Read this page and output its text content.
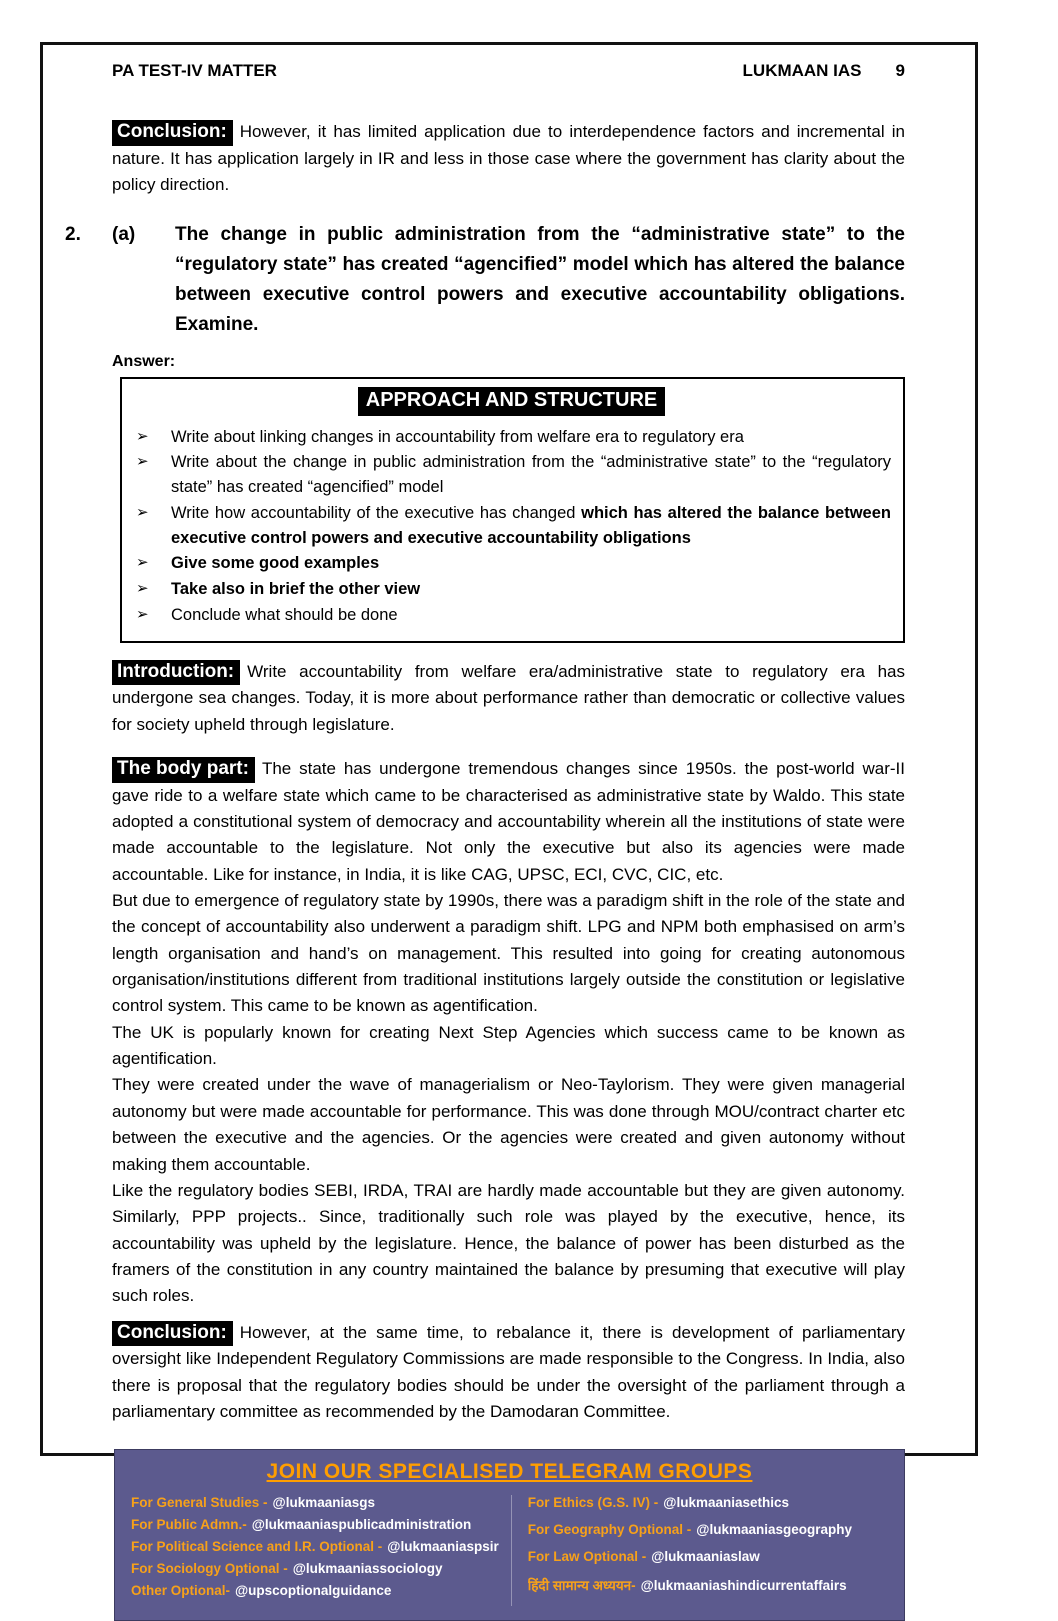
PA TEST-IV MATTER	LUKMAAN IAS 9

Conclusion: However, it has limited application due to interdependence factors and incremental in nature. It has application largely in IR and less in those case where the government has clarity about the policy direction.

2.	(a)	The change in public administration from the “administrative state” to the “regulatory state” has created “agencified” model which has altered the balance between executive control powers and executive accountability obligations. Examine.
Answer:
APPROACH AND STRUCTURE
➢	Write about linking changes in accountability from welfare era to regulatory era
➢	Write about the change in public administration from the “administrative state” to the “regulatory state” has created “agencified” model
➢	Write how accountability of the executive has changed which has altered the balance between executive control powers and executive accountability obligations
➢	Give some good examples
➢	Take also in brief the other view
➢	Conclude what should be done

Introduction: Write accountability from welfare era/administrative state to regulatory era has undergone sea changes. Today, it is more about performance rather than democratic or collective values for society upheld through legislature.

The body part: The state has undergone tremendous changes since 1950s. the post-world war-II gave ride to a welfare state which came to be characterised as administrative state by Waldo. This state adopted a constitutional system of democracy and accountability wherein all the institutions of state were made accountable to the legislature. Not only the executive but also its agencies were made accountable. Like for instance, in India, it is like CAG, UPSC, ECI, CVC, CIC, etc.

But due to emergence of regulatory state by 1990s, there was a paradigm shift in the role of the state and the concept of accountability also underwent a paradigm shift. LPG and NPM both emphasised on arm’s length organisation and hand’s on management. This resulted into going for creating autonomous organisation/institutions different from traditional institutions largely outside the constitution or legislative control system. This came to be known as agentification.
The UK is popularly known for creating Next Step Agencies which success came to be known as agentification.
They were created under the wave of managerialism or Neo-Taylorism. They were given managerial autonomy but were made accountable for performance. This was done through MOU/contract charter etc between the executive and the agencies. Or the agencies were created and given autonomy without making them accountable.
Like the regulatory bodies SEBI, IRDA, TRAI are hardly made accountable but they are given autonomy. Similarly, PPP projects.. Since, traditionally such role was played by the executive, hence, its accountability was upheld by the legislature. Hence, the balance of power has been disturbed as the framers of the constitution in any country maintained the balance by presuming that executive will play such roles.

Conclusion: However, at the same time, to rebalance it, there is development of parliamentary oversight like Independent Regulatory Commissions are made responsible to the Congress. In India, also there is proposal that the regulatory bodies should be under the oversight of the parliament through a parliamentary committee as recommended by the Damodaran Committee.

JOIN OUR SPECIALISED TELEGRAM GROUPS
For General Studies - @lukmaaniasgs
For Public Admn.- @lukmaaniaspublicadministration
For Political Science and I.R. Optional - @lukmaaniaspsir
For Sociology Optional - @lukmaaniassociology
Other Optional- @upscoptionalguidance
For Ethics (G.S. IV) - @lukmaaniasethics
For Geography Optional - @lukmaaniasgeography
For Law Optional - @lukmaaniaslaw
हिंदी सामान्य अध्ययन- @lukmaaniashindicurrentaffairs
